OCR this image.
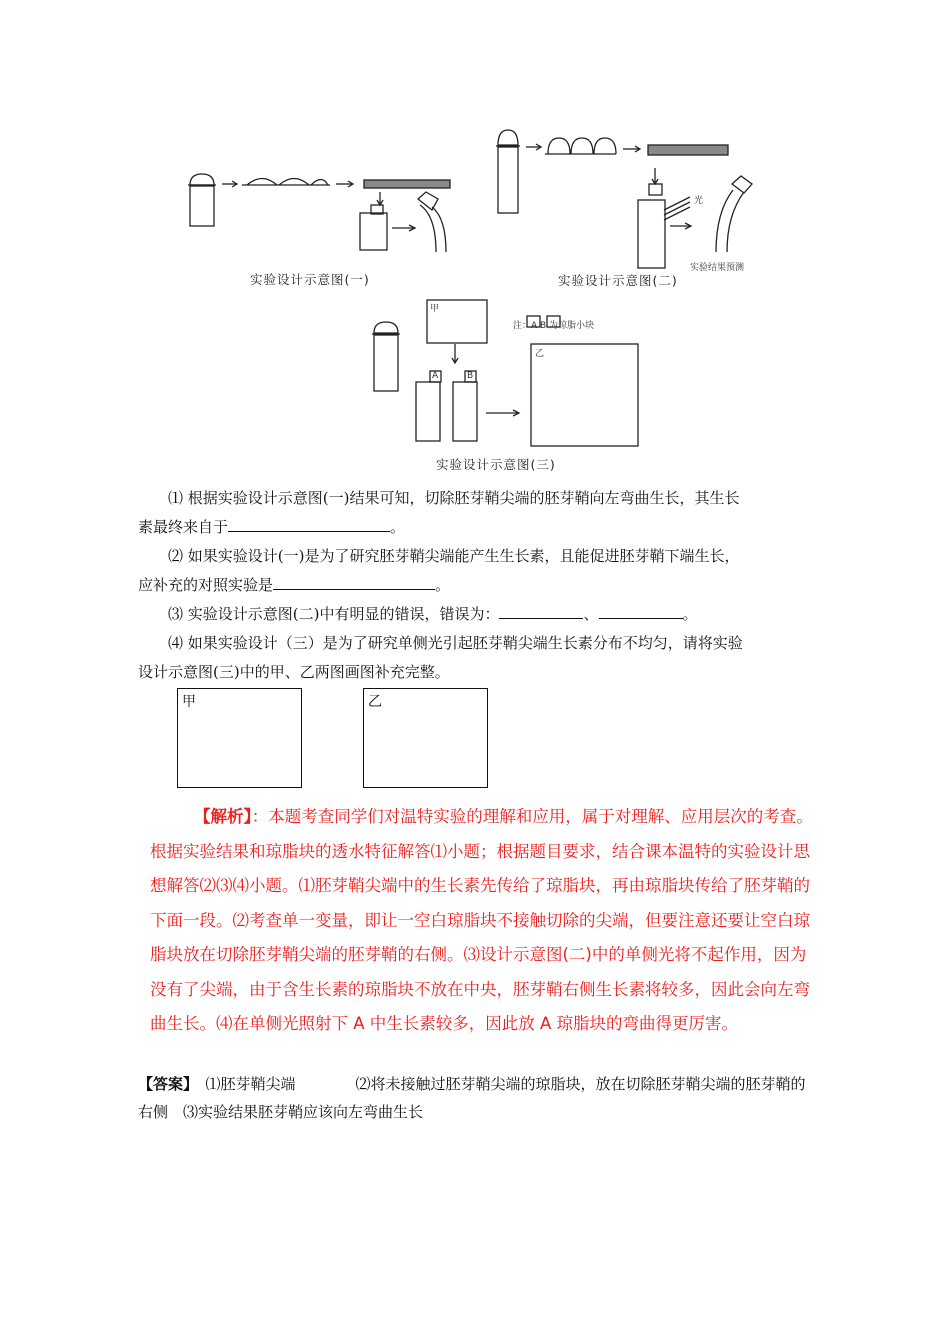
实验设计示意图(一)	实验设计示意图(二)
光
实验结果预测
注：A B 为琼脂小块
甲
乙
A	B
实验设计示意图(三)

⑴ 根据实验设计示意图(一)结果可知，切除胚芽鞘尖端的胚芽鞘向左弯曲生长，其生长

素最终来自于	。

⑵ 如果实验设计(一)是为了研究胚芽鞘尖端能产生生长素，且能促进胚芽鞘下端生长，

应补充的对照实验是	。

⑶ 实验设计示意图(二)中有明显的错误，错误为：	、	。

⑷ 如果实验设计（三）是为了研究单侧光引起胚芽鞘尖端生长素分布不均匀，请将实验

设计示意图(三)中的甲、乙两图画图补充完整。

甲	乙
【解析】：本题考查同学们对温特实验的理解和应用，属于对理解、应用层次的考查。根据实验结果和琼脂块的透水特征解答⑴小题；根据题目要求，结合课本温特的实验设计思想解答⑵⑶⑷小题。⑴胚芽鞘尖端中的生长素先传给了琼脂块，再由琼脂块传给了胚芽鞘的下面一段。⑵考查单一变量，即让一空白琼脂块不接触切除的尖端，但要注意还要让空白琼脂块放在切除胚芽鞘尖端的胚芽鞘的右侧。⑶设计示意图(二)中的单侧光将不起作用，因为没有了尖端，由于含生长素的琼脂块不放在中央，胚芽鞘右侧生长素将较多，因此会向左弯曲生长。⑷在单侧光照射下 A 中生长素较多，因此放 A 琼脂块的弯曲得更厉害。
【答案】　 ⑴胚芽鞘尖端　　　　⑵将未接触过胚芽鞘尖端的琼脂块，放在切除胚芽鞘尖端的胚芽鞘的右侧　⑶实验结果胚芽鞘应该向左弯曲生长
